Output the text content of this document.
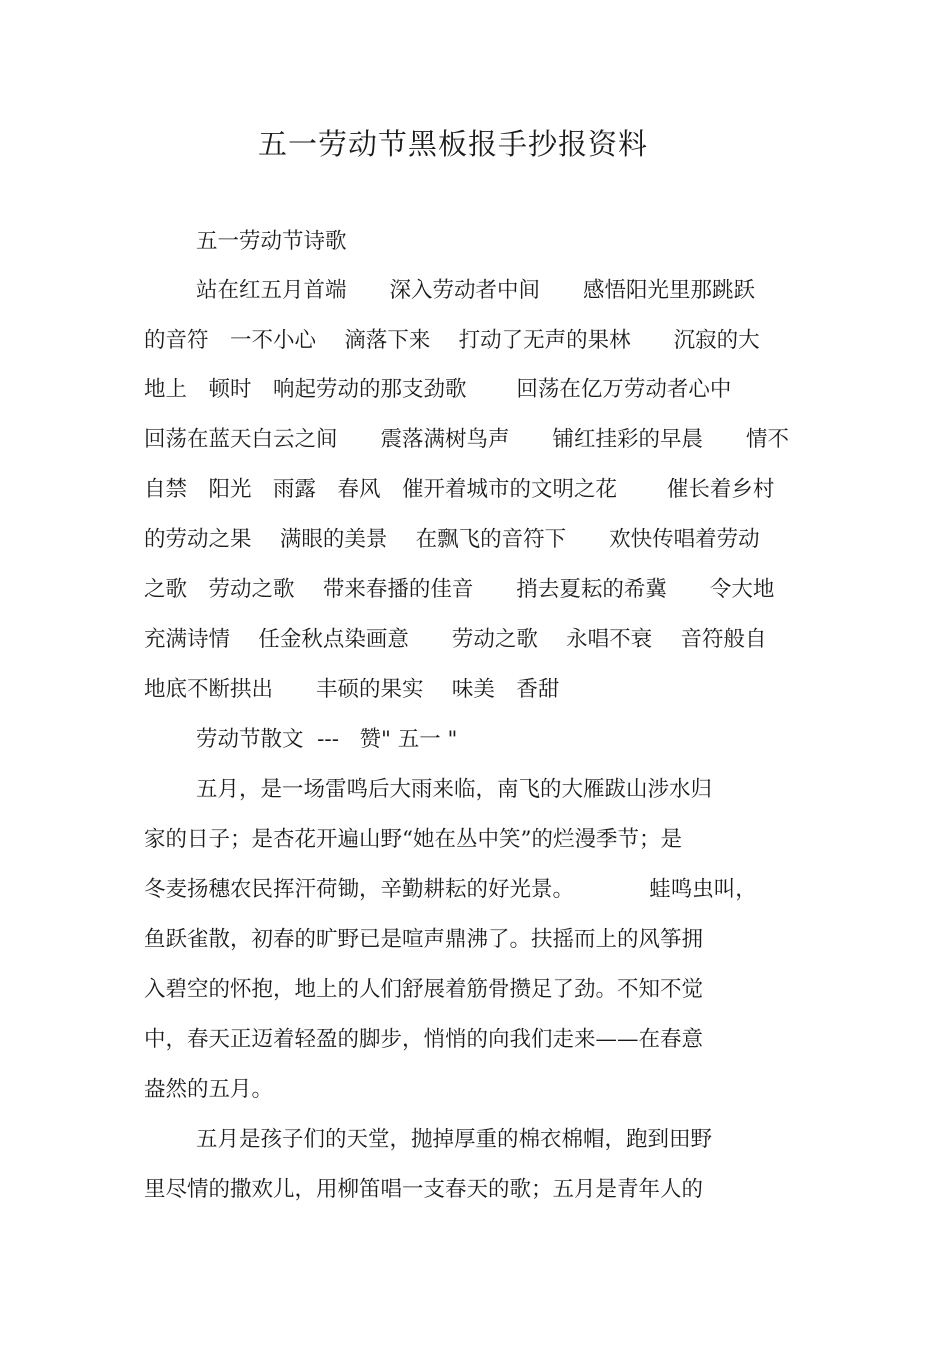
五一劳动节黑板报手抄报资料
五一劳动节诗歌
站在红五月首端　　深入劳动者中间　　感悟阳光里那跳跃
的音符　一不小心　 滴落下来　 打动了无声的果林　　沉寂的大
地上　顿时　响起劳动的那支劲歌　　 回荡在亿万劳动者心中
回荡在蓝天白云之间　　震落满树鸟声　　铺红挂彩的早晨　　情不
自禁　阳光　雨露　春风　催开着城市的文明之花　　 催长着乡村
的劳动之果　 满眼的美景　 在飘飞的音符下　　欢快传唱着劳动
之歌　劳动之歌　 带来春播的佳音　　捎去夏耘的希冀　　令大地
充满诗情　 任金秋点染画意　　劳动之歌　 永唱不衰　 音符般自
地底不断拱出　　丰硕的果实　 味美　香甜
劳动节散文  ---   赞" 五一 "
五月，是一场雷鸣后大雨来临，南飞的大雁跋山涉水归
家的日子；是杏花开遍山野“她在丛中笑”的烂漫季节；是
冬麦扬穗农民挥汗荷锄，辛勤耕耘的好光景。　　　　蛙鸣虫叫，
鱼跃雀散，初春的旷野已是喧声鼎沸了。扶摇而上的风筝拥
入碧空的怀抱，地上的人们舒展着筋骨攒足了劲。不知不觉
中，春天正迈着轻盈的脚步，悄悄的向我们走来——在春意
盎然的五月。
五月是孩子们的天堂，抛掉厚重的棉衣棉帽，跑到田野
里尽情的撒欢儿，用柳笛唱一支春天的歌；五月是青年人的
